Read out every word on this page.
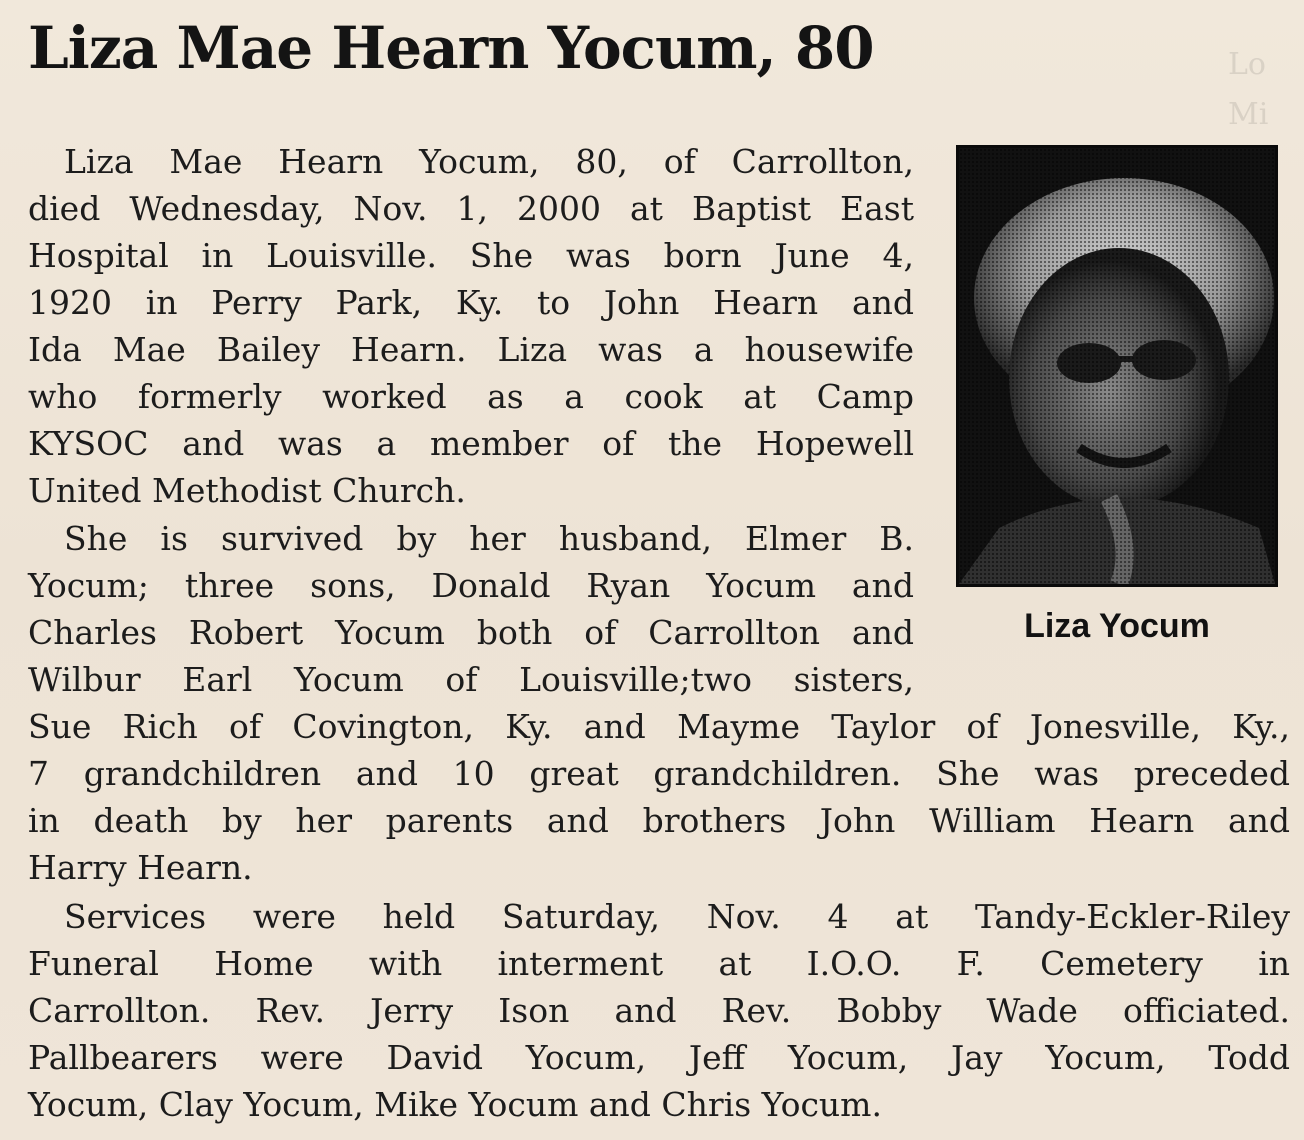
Liza Mae Hearn Yocum, 80	Lo
Mi
Liza Yocum
Liza Mae Hearn Yocum, 80, of Carrollton,
died Wednesday, Nov. 1, 2000 at Baptist East
Hospital in Louisville. She was born June 4,
1920 in Perry Park, Ky. to John Hearn and
Ida Mae Bailey Hearn. Liza was a housewife
who formerly worked as a cook at Camp
KYSOC and was a member of the Hopewell
United Methodist Church.
She is survived by her husband, Elmer B.
Yocum; three sons, Donald Ryan Yocum and
Charles Robert Yocum both of Carrollton and
Wilbur Earl Yocum of Louisville;two sisters,
Sue Rich of Covington, Ky. and Mayme Taylor of Jonesville, Ky.,
7 grandchildren and 10 great grandchildren. She was preceded
in death by her parents and brothers John William Hearn and
Harry Hearn.
Services were held Saturday, Nov. 4 at Tandy-Eckler-Riley
Funeral Home with interment at I.O.O. F. Cemetery in
Carrollton. Rev. Jerry Ison and Rev. Bobby Wade officiated.
Pallbearers were David Yocum, Jeff Yocum, Jay Yocum, Todd
Yocum, Clay Yocum, Mike Yocum and Chris Yocum.
